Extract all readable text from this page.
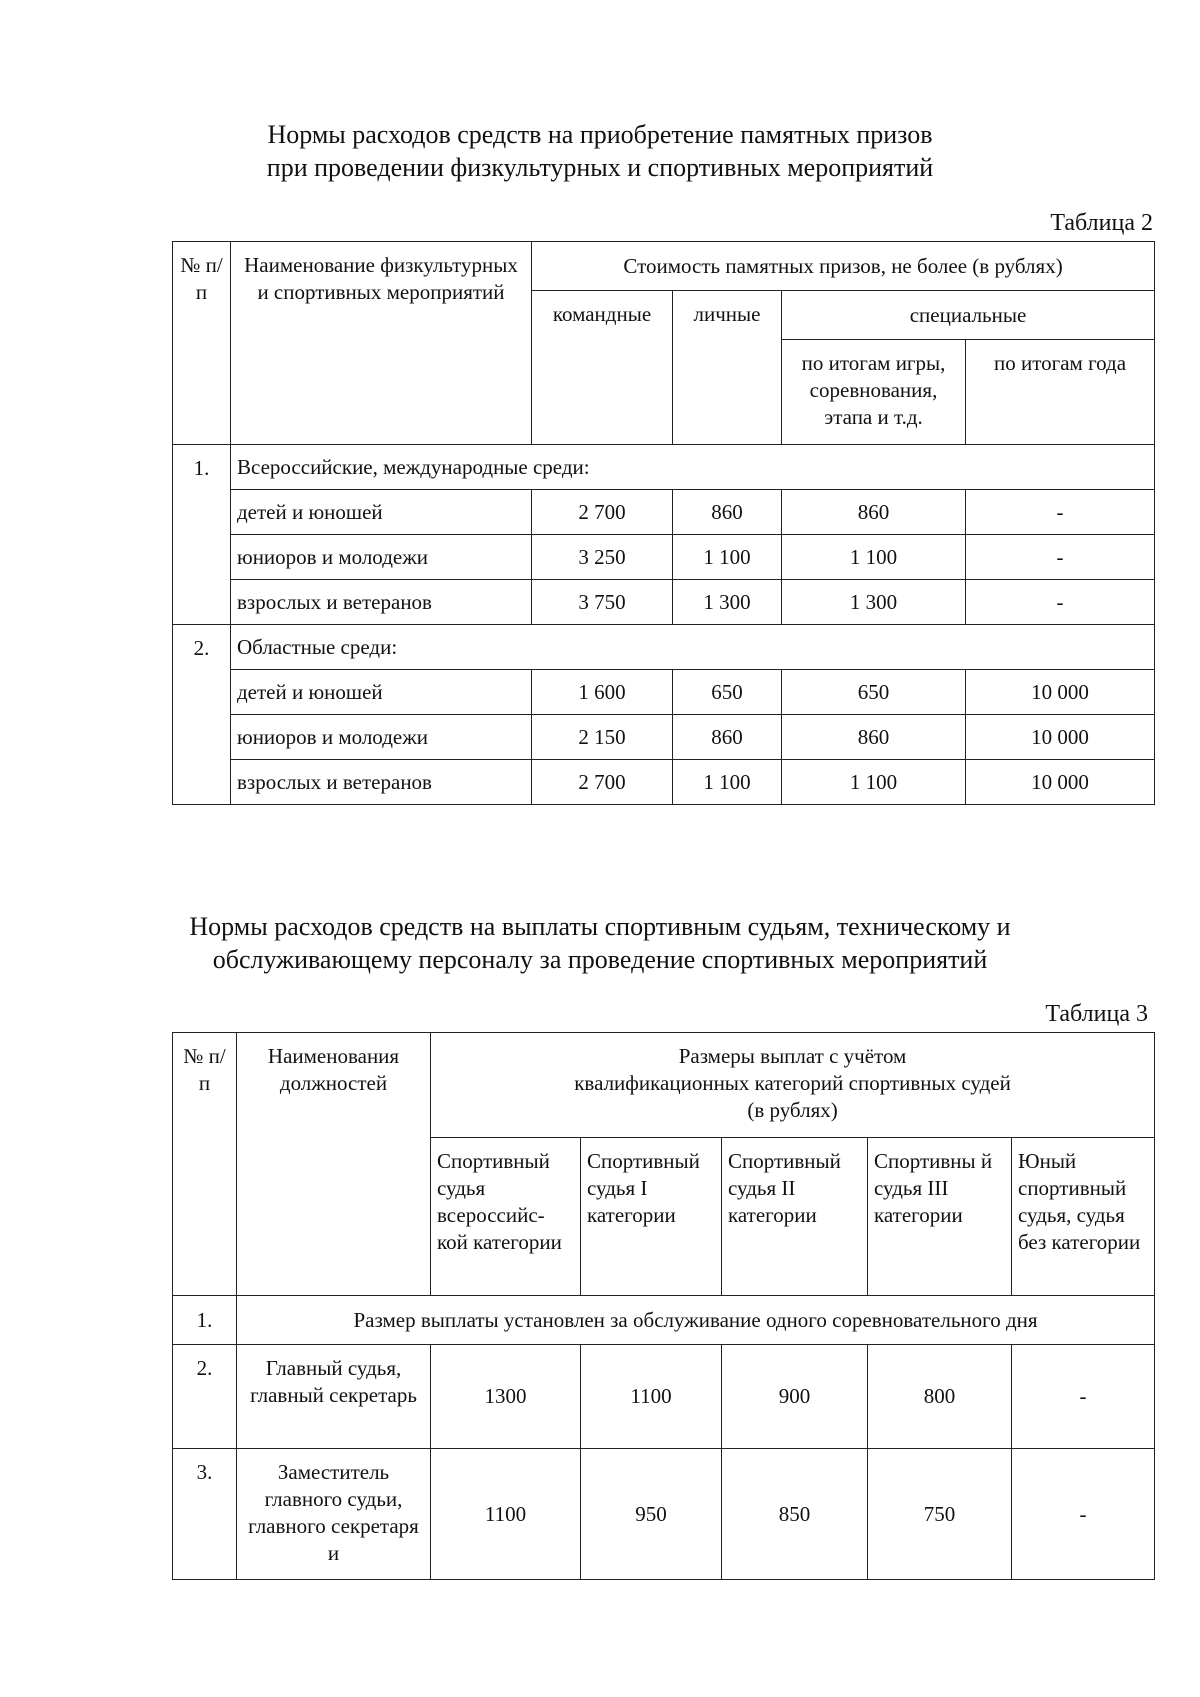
Нормы расходов средств на приобретение памятных призов
при проведении физкультурных и спортивных мероприятий
Таблица 2
№ п/п	Наименование физкультурных и спортивных мероприятий	Стоимость памятных призов, не более (в рублях)			
		командные	личные	специальные	
				по итогам игры, соревнования, этапа и т.д.	по итогам года
1.	Всероссийские, международные среди:				
	детей и юношей	2 700	860	860	-
	юниоров и молодежи	3 250	1 100	1 100	-
	взрослых и ветеранов	3 750	1 300	1 300	-
2.	Областные среди:				
	детей и юношей	1 600	650	650	10 000
	юниоров и молодежи	2 150	860	860	10 000
	взрослых и ветеранов	2 700	1 100	1 100	10 000
Нормы расходов средств на выплаты спортивным судьям, техническому и
обслуживающему персоналу за проведение спортивных мероприятий
Таблица 3
№ п/п	Наименования должностей	Размеры выплат с учётом
квалификационных категорий спортивных судей
(в рублях)				

		Спортивный судья всероссийс-кой категории	Спортивный судья I категории	Спортивный судья II категории	Спортивны й судья III категории	Юный спортивный судья, судья без категории
1.	Размер выплаты установлен за обслуживание одного соревновательного дня					
2.	Главный судья, главный секретарь	1300	1100	900	800	-
3.	Заместитель главного судьи, главного секретаря и	1100	950	850	750	-
